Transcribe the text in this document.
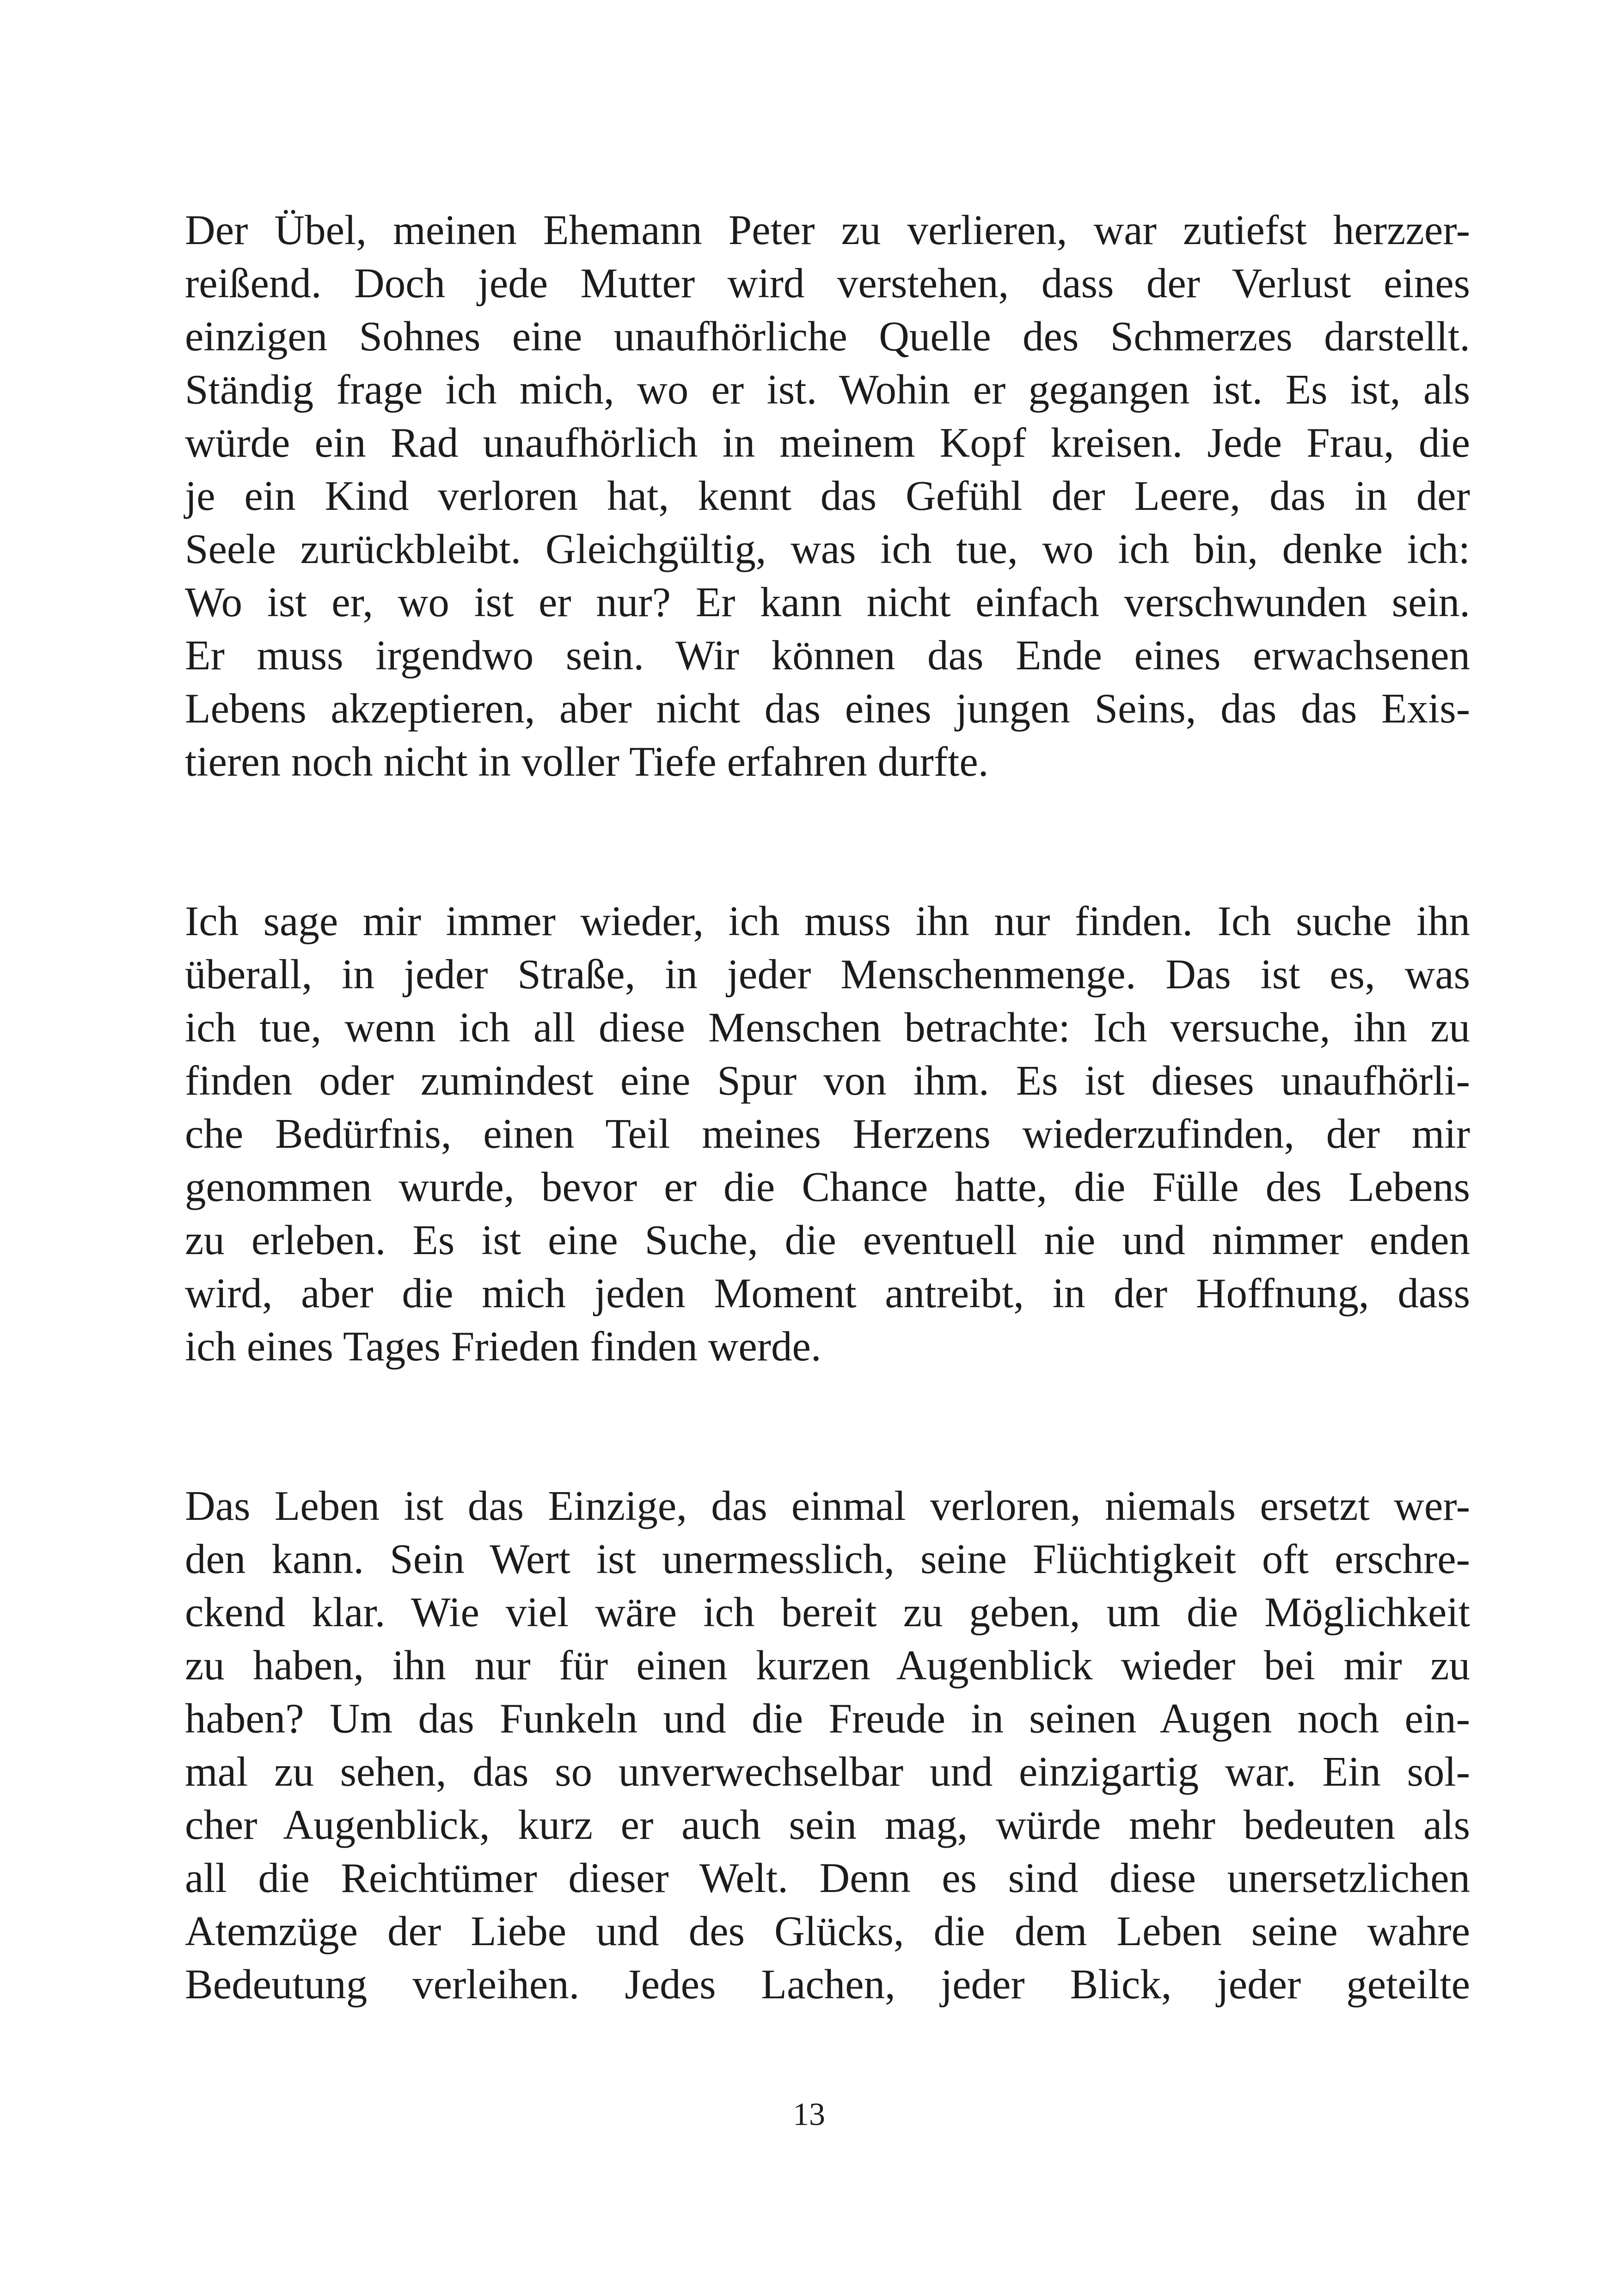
Der Übel, meinen Ehemann Peter zu verlieren, war zutiefst herzzer-
reißend. Doch jede Mutter wird verstehen, dass der Verlust eines
einzigen Sohnes eine unaufhörliche Quelle des Schmerzes darstellt.
Ständig frage ich mich, wo er ist. Wohin er gegangen ist. Es ist, als
würde ein Rad unaufhörlich in meinem Kopf kreisen. Jede Frau, die
je ein Kind verloren hat, kennt das Gefühl der Leere, das in der
Seele zurückbleibt. Gleichgültig, was ich tue, wo ich bin, denke ich:
Wo ist er, wo ist er nur? Er kann nicht einfach verschwunden sein.
Er muss irgendwo sein. Wir können das Ende eines erwachsenen
Lebens akzeptieren, aber nicht das eines jungen Seins, das das Exis-
tieren noch nicht in voller Tiefe erfahren durfte.
Ich sage mir immer wieder, ich muss ihn nur finden. Ich suche ihn
überall, in jeder Straße, in jeder Menschenmenge. Das ist es, was
ich tue, wenn ich all diese Menschen betrachte: Ich versuche, ihn zu
finden oder zumindest eine Spur von ihm. Es ist dieses unaufhörli-
che Bedürfnis, einen Teil meines Herzens wiederzufinden, der mir
genommen wurde, bevor er die Chance hatte, die Fülle des Lebens
zu erleben. Es ist eine Suche, die eventuell nie und nimmer enden
wird, aber die mich jeden Moment antreibt, in der Hoffnung, dass
ich eines Tages Frieden finden werde.
Das Leben ist das Einzige, das einmal verloren, niemals ersetzt wer-
den kann. Sein Wert ist unermesslich, seine Flüchtigkeit oft erschre-
ckend klar. Wie viel wäre ich bereit zu geben, um die Möglichkeit
zu haben, ihn nur für einen kurzen Augenblick wieder bei mir zu
haben? Um das Funkeln und die Freude in seinen Augen noch ein-
mal zu sehen, das so unverwechselbar und einzigartig war. Ein sol-
cher Augenblick, kurz er auch sein mag, würde mehr bedeuten als
all die Reichtümer dieser Welt. Denn es sind diese unersetzlichen
Atemzüge der Liebe und des Glücks, die dem Leben seine wahre
Bedeutung verleihen. Jedes Lachen, jeder Blick, jeder geteilte
13
